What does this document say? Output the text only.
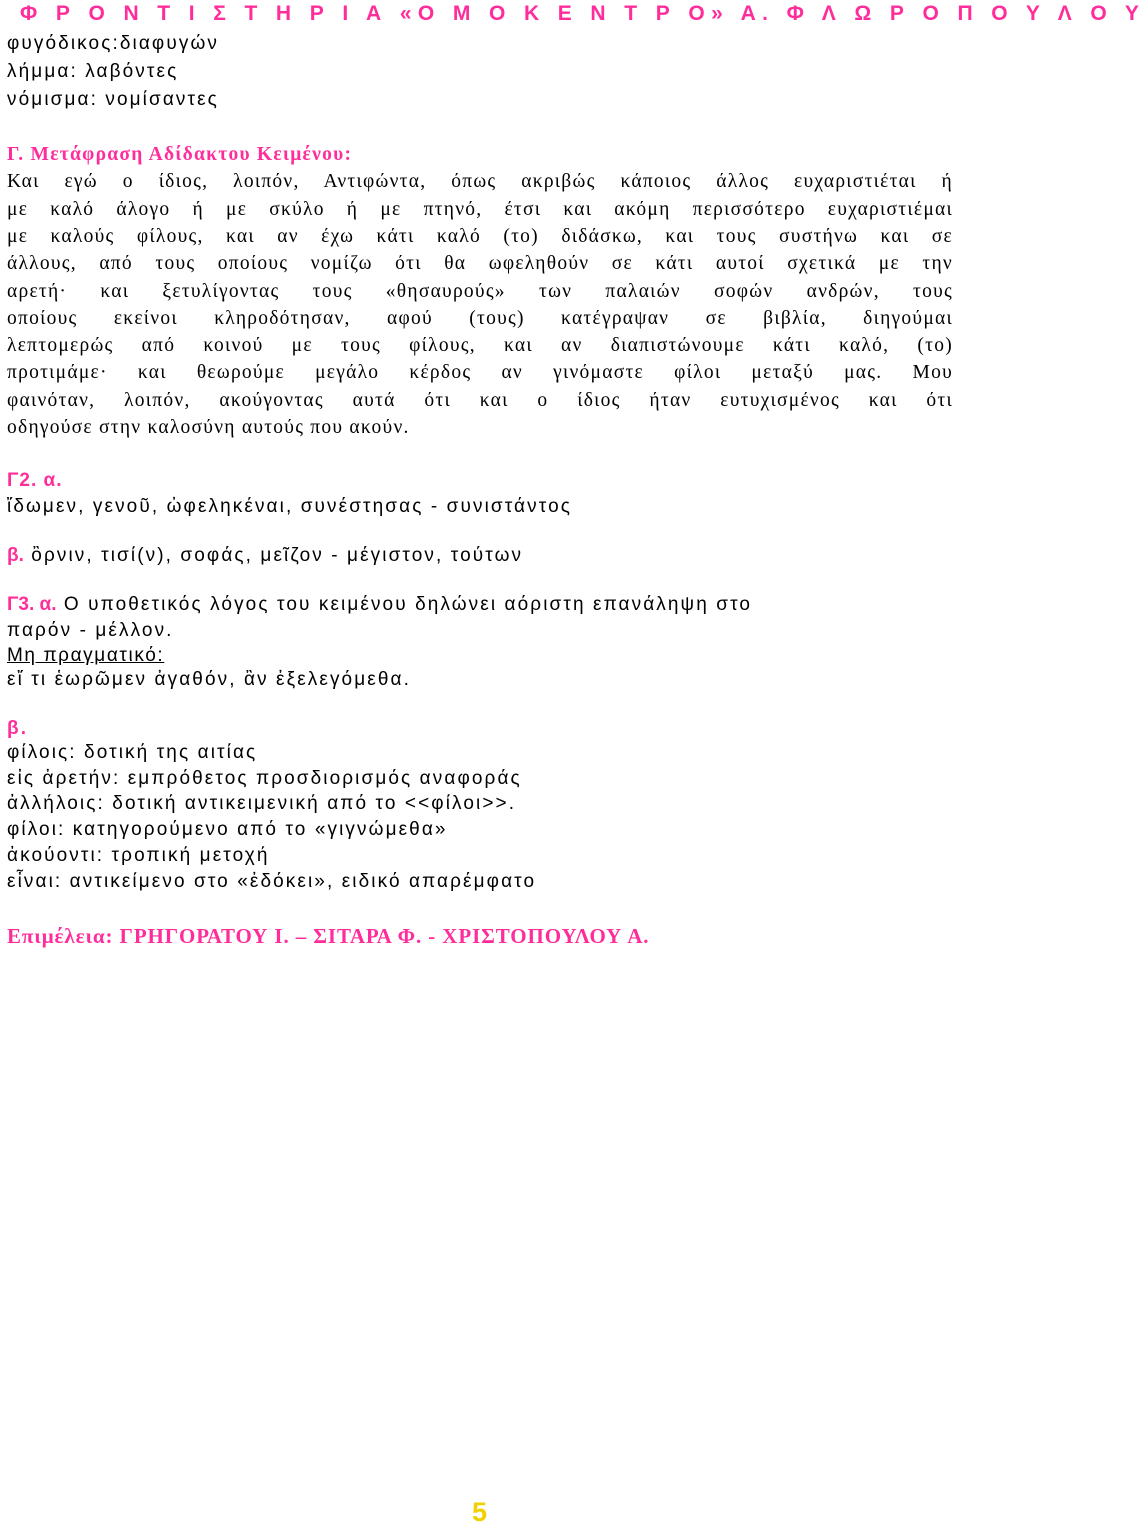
Φ Ρ Ο Ν Τ Ι Σ Τ Η Ρ Ι Α «Ο Μ Ο Κ Ε Ν Τ Ρ Ο» Α. Φ Λ Ω Ρ Ο Π Ο Υ Λ Ο Υ
φυγόδικος:διαφυγών
λήμμα: λαβόντες
νόμισμα: νομίσαντες
Γ. Μετάφραση Αδίδακτου Κειμένου:
Και εγώ ο ίδιος, λοιπόν, Αντιφώντα, όπως ακριβώς κάποιος άλλος ευχαριστιέται ή
με καλό άλογο ή με σκύλο ή με πτηνό, έτσι και ακόμη περισσότερο ευχαριστιέμαι
με καλούς φίλους, και αν έχω κάτι καλό (το) διδάσκω, και τους συστήνω και σε
άλλους, από τους οποίους νομίζω ότι θα ωφεληθούν σε κάτι αυτοί σχετικά με την
αρετή· και ξετυλίγοντας τους «θησαυρούς» των παλαιών σοφών ανδρών, τους
οποίους εκείνοι κληροδότησαν, αφού (τους) κατέγραψαν σε βιβλία, διηγούμαι
λεπτομερώς από κοινού με τους φίλους, και αν διαπιστώνουμε κάτι καλό, (το)
προτιμάμε· και θεωρούμε μεγάλο κέρδος αν γινόμαστε φίλοι μεταξύ μας. Μου
φαινόταν, λοιπόν, ακούγοντας αυτά ότι και ο ίδιος ήταν ευτυχισμένος και ότι
οδηγούσε στην καλοσύνη αυτούς που ακούν.
Γ2. α.
ἴδωμεν, γενοῦ, ὠφεληκέναι, συνέστησας - συνιστάντος
β. ὂρνιν, τισί(ν), σοφάς, μεῖζον - μέγιστον, τούτων
Γ3. α. Ο υποθετικός λόγος του κειμένου δηλώνει αόριστη επανάληψη στο
παρόν - μέλλον.
Μη πραγματικό:
εἴ τι ἑωρῶμεν ἀγαθόν, ἂν ἐξελεγόμεθα.
β.
φίλοις: δοτική της αιτίας
εἰς ἀρετήν: εμπρόθετος προσδιορισμός αναφοράς
ἀλλήλοις: δοτική αντικειμενική από το <<φίλοι>>.
φίλοι: κατηγορούμενο από το «γιγνώμεθα»
ἀκούοντι: τροπική μετοχή
εἶναι: αντικείμενο στο «ἐδόκει», ειδικό απαρέμφατο
Επιμέλεια: ΓΡΗΓΟΡΑΤΟΥ Ι. – ΣΙΤΑΡΑ Φ. - ΧΡΙΣΤΟΠΟΥΛΟΥ Α.
5
